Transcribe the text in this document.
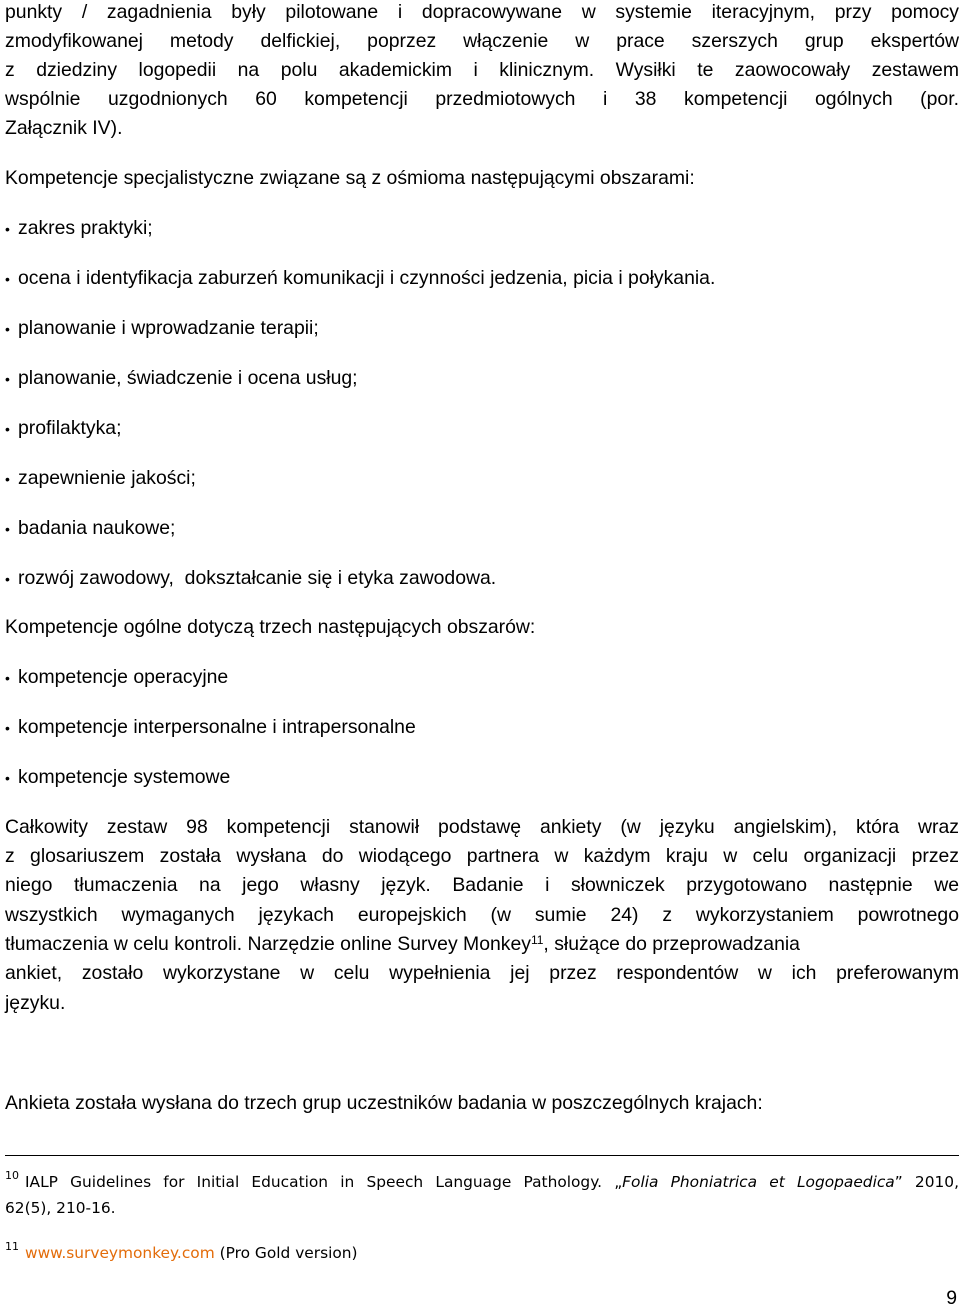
punkty / zagadnienia były pilotowane i dopracowywane w systemie iteracyjnym, przy pomocy
zmodyfikowanej metody delfickiej, poprzez włączenie w prace szerszych grup ekspertów
z dziedziny logopedii na polu akademickim i klinicznym. Wysiłki te zaowocowały zestawem
wspólnie uzgodnionych 60 kompetencji przedmiotowych i 38 kompetencji ogólnych (por.
Załącznik IV).
Kompetencje specjalistyczne związane są z ośmioma następującymi obszarami:
• zakres praktyki;
• ocena i identyfikacja zaburzeń komunikacji i czynności jedzenia, picia i połykania.
• planowanie i wprowadzanie terapii;
• planowanie, świadczenie i ocena usług;
• profilaktyka;
• zapewnienie jakości;
• badania naukowe;
• rozwój zawodowy,  dokształcanie się i etyka zawodowa.
Kompetencje ogólne dotyczą trzech następujących obszarów:
• kompetencje operacyjne
• kompetencje interpersonalne i intrapersonalne
• kompetencje systemowe
Całkowity zestaw 98 kompetencji stanowił podstawę ankiety (w języku angielskim), która wraz
z glosariuszem została wysłana do wiodącego partnera w każdym kraju w celu organizacji przez
niego tłumaczenia na jego własny język. Badanie i słowniczek przygotowano następnie we
wszystkich wymaganych językach europejskich (w sumie 24) z wykorzystaniem powrotnego
tłumaczenia w celu kontroli. Narzędzie online Survey Monkey$^{11}$, służące do przeprowadzania
ankiet, zostało wykorzystane w celu wypełnienia jej przez respondentów w ich preferowanym
języku.
Ankieta została wysłana do trzech grup uczestników badania w poszczególnych krajach:
$^{10}$ IALP Guidelines for Initial Education in Speech Language Pathology. „Folia Phoniatrica et Logopaedica” 2010,
62(5), 210-16.
$^{11}$ www.surveymonkey.com (Pro Gold version)
9
